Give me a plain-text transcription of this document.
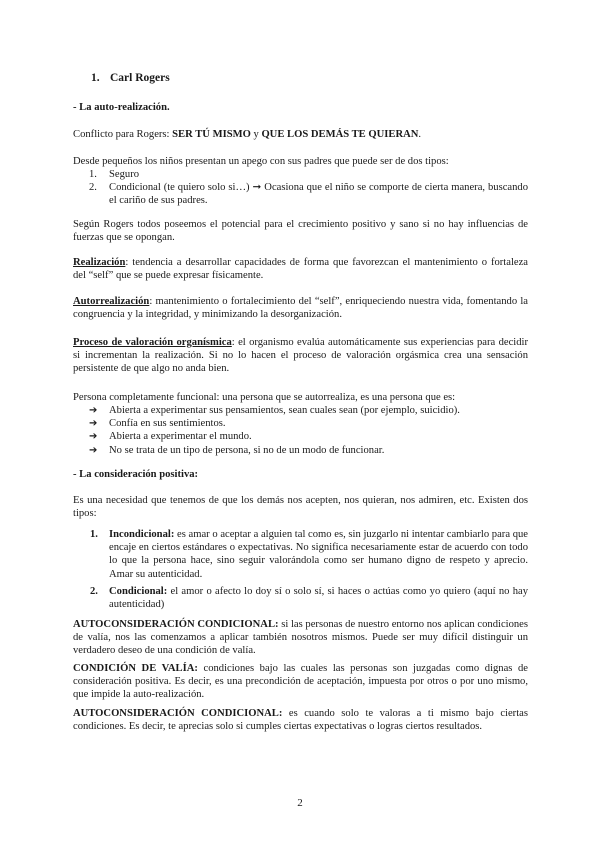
1. Carl Rogers

- La auto-realización.

Conflicto para Rogers: SER TÚ MISMO y QUE LOS DEMÁS TE QUIERAN.

Desde pequeños los niños presentan un apego con sus padres que puede ser de dos tipos:

1. Seguro
2. Condicional (te quiero solo si…) ➞ Ocasiona que el niño se comporte de cierta manera, buscando el cariño de sus padres.

Según Rogers todos poseemos el potencial para el crecimiento positivo y sano si no hay influencias de fuerzas que se opongan.

Realización: tendencia a desarrollar capacidades de forma que favorezcan el mantenimiento o fortaleza del “self” que se puede expresar físicamente.

Autorrealización: mantenimiento o fortalecimiento del “self”, enriqueciendo nuestra vida, fomentando la congruencia y la integridad, y minimizando la desorganización.

Proceso de valoración organísmica: el organismo evalúa automáticamente sus experiencias para decidir si incrementan la realización. Si no lo hacen el proceso de valoración orgásmica crea una sensación persistente de que algo no anda bien.

Persona completamente funcional: una persona que se autorrealiza, es una persona que es:

➔ Abierta a experimentar sus pensamientos, sean cuales sean (por ejemplo, suicidio).
➔ Confía en sus sentimientos.
➔ Abierta a experimentar el mundo.
➔ No se trata de un tipo de persona, si no de un modo de funcionar.

- La consideración positiva:

Es una necesidad que tenemos de que los demás nos acepten, nos quieran, nos admiren, etc. Existen dos tipos:

1. Incondicional: es amar o aceptar a alguien tal como es, sin juzgarlo ni intentar cambiarlo para que encaje en ciertos estándares o expectativas. No significa necesariamente estar de acuerdo con todo lo que la persona hace, sino seguir valorándola como ser humano digno de respeto y aprecio. Amar su autenticidad.
2. Condicional: el amor o afecto lo doy sí o solo sí, si haces o actúas como yo quiero (aquí no hay autenticidad)

AUTOCONSIDERACIÓN CONDICIONAL: si las personas de nuestro entorno nos aplican condiciones de valía, nos las comenzamos a aplicar también nosotros mismos. Puede ser muy difícil distinguir un verdadero deseo de una condición de valía.

CONDICIÓN DE VALÍA: condiciones bajo las cuales las personas son juzgadas como dignas de consideración positiva. Es decir, es una precondición de aceptación, impuesta por otros o por uno mismo, que impide la auto-realización.

AUTOCONSIDERACIÓN CONDICIONAL: es cuando solo te valoras a ti mismo bajo ciertas condiciones. Es decir, te aprecias solo si cumples ciertas expectativas o logras ciertos resultados.

2
